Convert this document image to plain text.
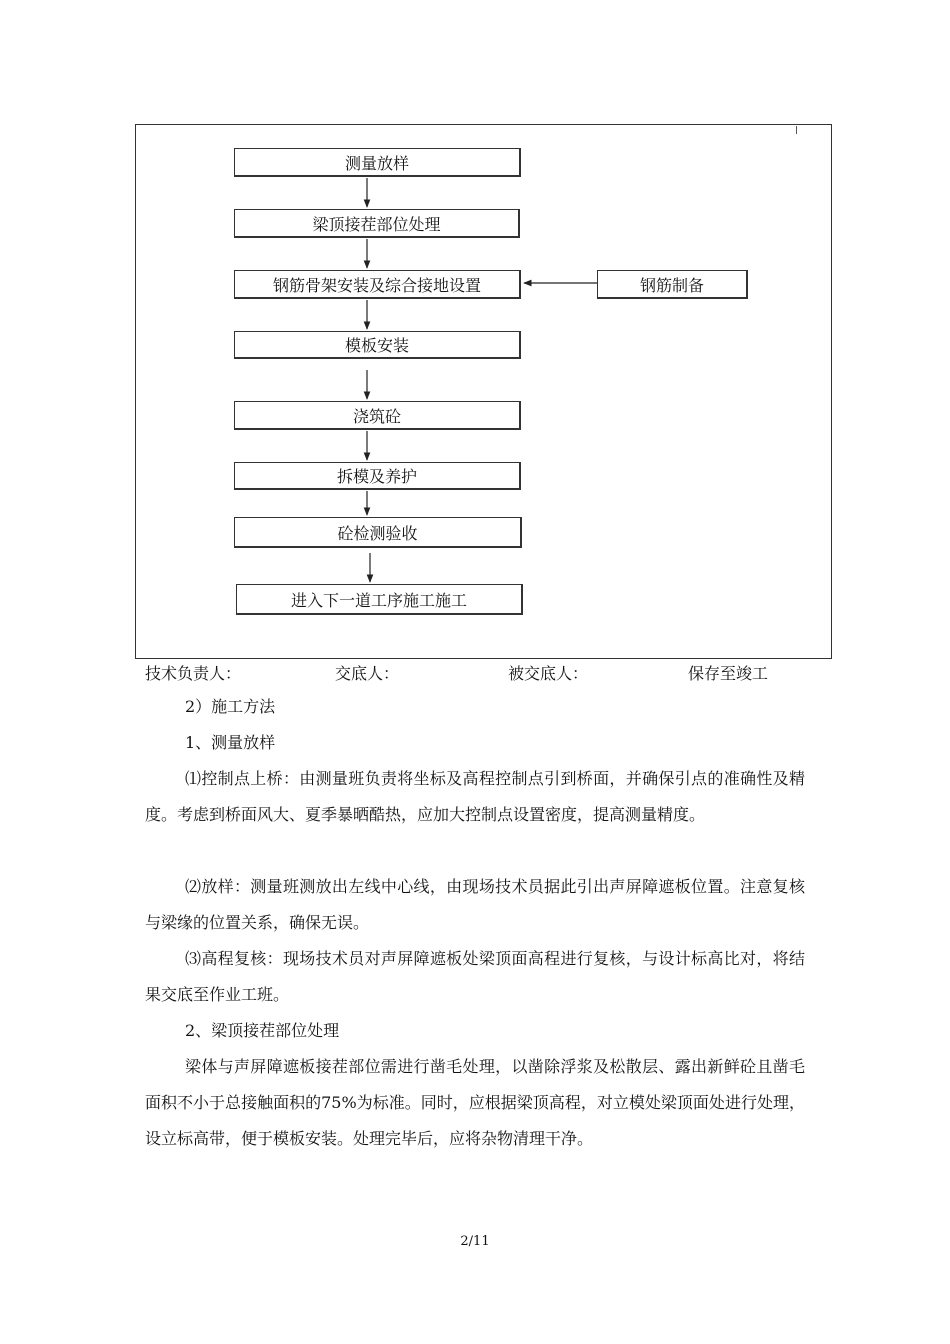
测量放样
梁顶接茬部位处理
钢筋骨架安装及综合接地设置	钢筋制备
模板安装
浇筑砼
拆模及养护
砼检测验收
进入下一道工序施工施工
技术负责人：	交底人：	被交底人：	保存至竣工
2）施工方法
1、测量放样

⑴控制点上桥：由测量班负责将坐标及高程控制点引到桥面，并确保引点的准确性及精度。考虑到桥面风大、夏季暴晒酷热，应加大控制点设置密度，提高测量精度。

⑵放样：测量班测放出左线中心线，由现场技术员据此引出声屏障遮板位置。注意复核与梁缘的位置关系，确保无误。

⑶高程复核：现场技术员对声屏障遮板处梁顶面高程进行复核，与设计标高比对，将结果交底至作业工班。

2、梁顶接茬部位处理

梁体与声屏障遮板接茬部位需进行凿毛处理，以凿除浮浆及松散层、露出新鲜砼且凿毛面积不小于总接触面积的75%为标准。同时，应根据梁顶高程，对立模处梁顶面处进行处理，设立标高带，便于模板安装。处理完毕后，应将杂物清理干净。

2/11
